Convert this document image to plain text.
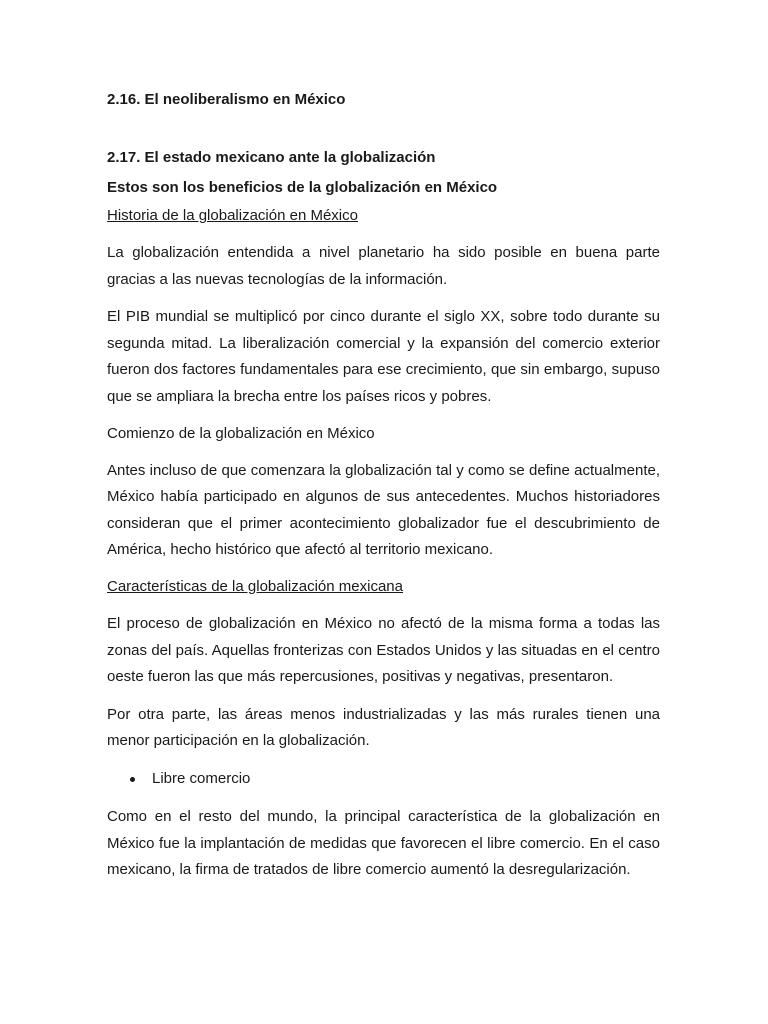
2.16. El neoliberalismo en México

2.17. El estado mexicano ante la globalización

Estos son los beneficios de la globalización en México

Historia de la globalización en México

La globalización entendida a nivel planetario ha sido posible en buena parte gracias a las nuevas tecnologías de la información.

El PIB mundial se multiplicó por cinco durante el siglo XX, sobre todo durante su segunda mitad. La liberalización comercial y la expansión del comercio exterior fueron dos factores fundamentales para ese crecimiento, que sin embargo, supuso que se ampliara la brecha entre los países ricos y pobres.

Comienzo de la globalización en México

Antes incluso de que comenzara la globalización tal y como se define actualmente, México había participado en algunos de sus antecedentes. Muchos historiadores consideran que el primer acontecimiento globalizador fue el descubrimiento de América, hecho histórico que afectó al territorio mexicano.

Características de la globalización mexicana

El proceso de globalización en México no afectó de la misma forma a todas las zonas del país. Aquellas fronterizas con Estados Unidos y las situadas en el centro oeste fueron las que más repercusiones, positivas y negativas, presentaron.

Por otra parte, las áreas menos industrializadas y las más rurales tienen una menor participación en la globalización.

Libre comercio

Como en el resto del mundo, la principal característica de la globalización en México fue la implantación de medidas que favorecen el libre comercio. En el caso mexicano, la firma de tratados de libre comercio aumentó la desregularización.
